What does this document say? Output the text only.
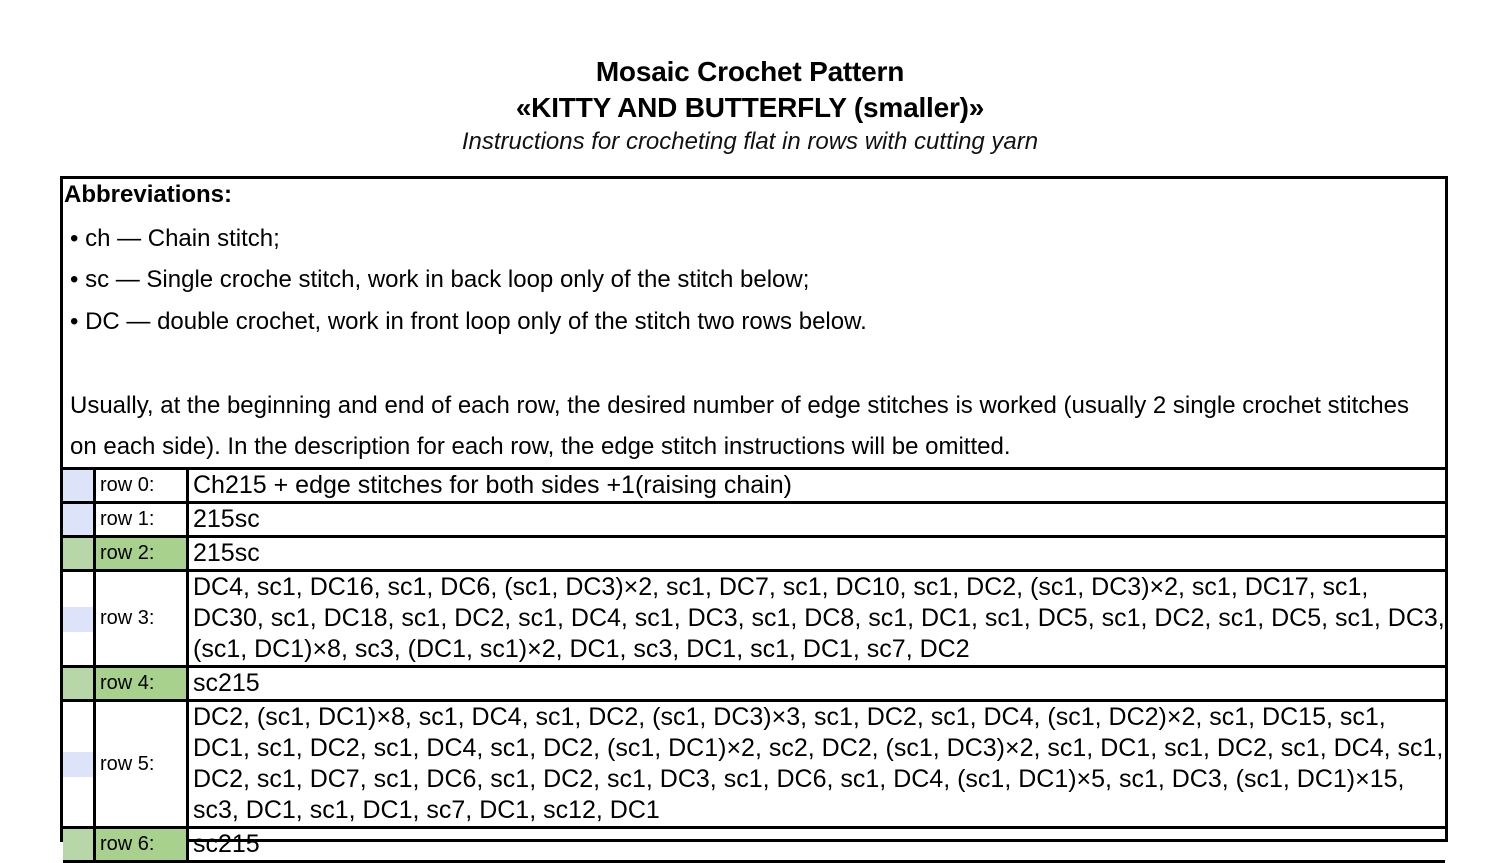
Mosaic Crochet Pattern
«KITTY AND BUTTERFLY (smaller)»
Instructions for crocheting flat in rows with cutting yarn
Abbreviations:
• ch — Chain stitch;
• sc — Single croche stitch, work in back loop only of the stitch below;
• DC — double crochet, work in front loop only of the stitch two rows below.
Usually, at the beginning and end of each row, the desired number of edge stitches is worked (usually 2 single crochet stitches on each side). In the description for each row, the edge stitch instructions will be omitted.
	row 0:	Ch215 + edge stitches for both sides +1(raising chain)

	row 1:	215sc

	row 2:	215sc

	row 3:	DC4, sc1, DC16, sc1, DC6, (sc1, DC3)×2, sc1, DC7, sc1, DC10, sc1, DC2, (sc1, DC3)×2, sc1, DC17, sc1, DC30, sc1, DC18, sc1, DC2, sc1, DC4, sc1, DC3, sc1, DC8, sc1, DC1, sc1, DC5, sc1, DC2, sc1, DC5, sc1, DC3, (sc1, DC1)×8, sc3, (DC1, sc1)×2, DC1, sc3, DC1, sc1, DC1, sc7, DC2

	row 4:	sc215

	row 5:	DC2, (sc1, DC1)×8, sc1, DC4, sc1, DC2, (sc1, DC3)×3, sc1, DC2, sc1, DC4, (sc1, DC2)×2, sc1, DC15, sc1, DC1, sc1, DC2, sc1, DC4, sc1, DC2, (sc1, DC1)×2, sc2, DC2, (sc1, DC3)×2, sc1, DC1, sc1, DC2, sc1, DC4, sc1, DC2, sc1, DC7, sc1, DC6, sc1, DC2, sc1, DC3, sc1, DC6, sc1, DC4, (sc1, DC1)×5, sc1, DC3, (sc1, DC1)×15, sc3, DC1, sc1, DC1, sc7, DC1, sc12, DC1

	row 6:	sc215
